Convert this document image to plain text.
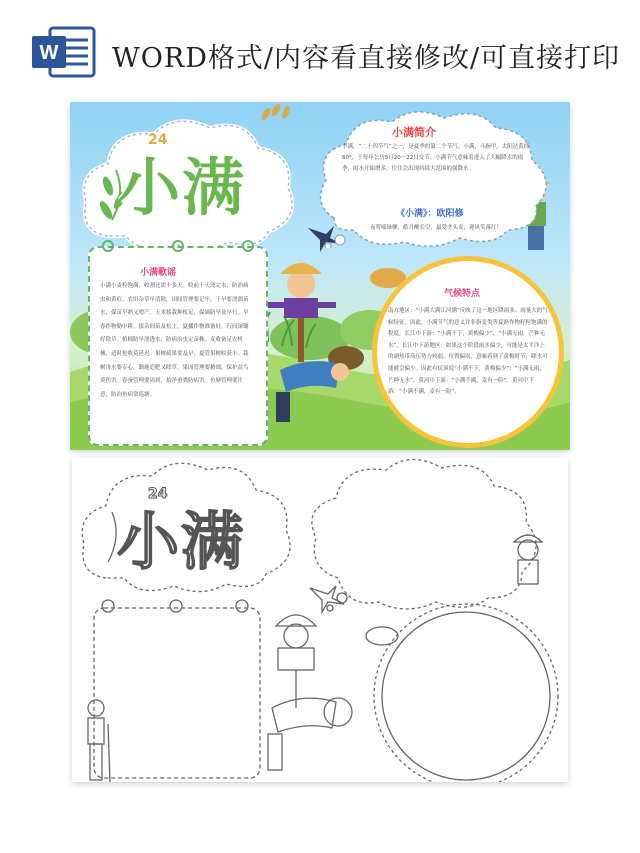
W WORD格式/内容看直接修改/可直接打印
小满
24	小满简介
小满，“二十四节气”之一，是夏季的第二个节气。小满，斗指甲，太阳达黄经60°，于每年公历5月20～22日交节。小满节气意味着进入了大幅降水的雨季，雨水开始增多，往往会出现持续大范围的强降水。
《小满》：欧阳修
夜莺啼绿柳，皓月醒长空。最爱垄头麦，迎风笑落红！
小满歌谣
小满小麦粒饱满，收割还需十多天。收前十天浇完水，防治病虫和黄疸。农田杂草早清除，田间管理要记牢。干旱要浇溜苗水，保苗早熟又增产。玉米移栽种植足，保墒防旱及早行。早春作物勤中耕，拔杂间苗及松土。夏播作物准备好，行间深锄好除草。植棉防旱浇透水，防病治虫定苗株。麦收备足农机械，适时抢收莫延迟。果树疏果要及早，夏管果树收获丰。栽树浇水要专心，勤施追肥又除草。果园管理要精细，保护益鸟莫伤害。春蚕管理要周到，拾净蚕粪防病害。鱼塘管理要注意，防治鱼病常巡塘。
气候特点
南方地区：“小满大满江河满”反映了这一地区降雨多、雨量大的气候特征。因此，小满节气的意义并非指麦类等夏熟作物籽粒饱满的程度。长江中下游：“小满不下，黄梅偏少”，“小满无雨，芒种无水”。长江中下游地区：如果这个阶段雨水偏少，可能是太平洋上的副热带高压势力较弱，位置偏南，意味着到了黄梅时节，降水可能就会偏少。因此有民谚说“小满不下，黄梅偏少”；“小满无雨，芒种无水”。黄河中下游：“小满不满，麦有一险”。黄河中下游：“小满不满，麦有一险”。
小满
24
